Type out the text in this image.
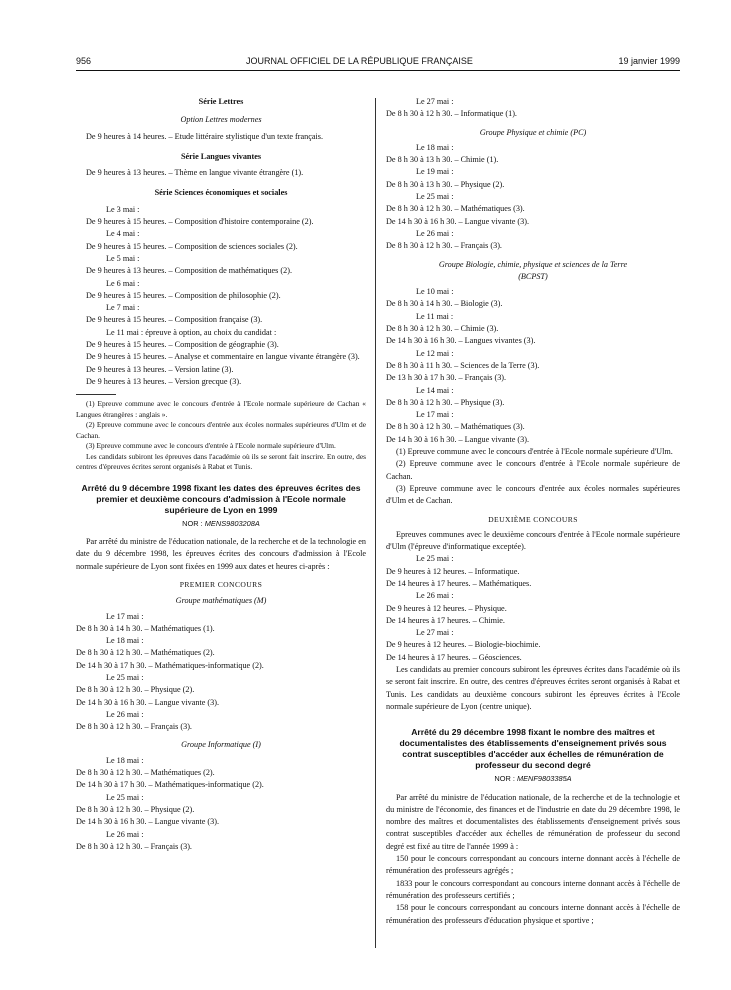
956	JOURNAL OFFICIEL DE LA RÉPUBLIQUE FRANÇAISE	19 janvier 1999

Série Lettres

Option Lettres modernes

De 9 heures à 14 heures. – Etude littéraire stylistique d'un texte français.

Série Langues vivantes

De 9 heures à 13 heures. – Thème en langue vivante étrangère (1).

Série Sciences économiques et sociales

Le 3 mai :

De 9 heures à 15 heures. – Composition d'histoire contemporaine (2).

Le 4 mai :

De 9 heures à 15 heures. – Composition de sciences sociales (2).

Le 5 mai :

De 9 heures à 13 heures. – Composition de mathématiques (2).

Le 6 mai :

De 9 heures à 15 heures. – Composition de philosophie (2).

Le 7 mai :

De 9 heures à 15 heures. – Composition française (3).

Le 11 mai : épreuve à option, au choix du candidat :

De 9 heures à 15 heures. – Composition de géographie (3).

De 9 heures à 15 heures. – Analyse et commentaire en langue vivante étrangère (3).

De 9 heures à 13 heures. – Version latine (3).

De 9 heures à 13 heures. – Version grecque (3).

(1) Epreuve commune avec le concours d'entrée à l'Ecole normale supérieure de Cachan « Langues étrangères : anglais ».

(2) Epreuve commune avec le concours d'entrée aux écoles normales supérieures d'Ulm et de Cachan.

(3) Epreuve commune avec le concours d'entrée à l'Ecole normale supérieure d'Ulm.

Les candidats subiront les épreuves dans l'académie où ils se seront fait inscrire. En outre, des centres d'épreuves écrites seront organisés à Rabat et Tunis.

Arrêté du 9 décembre 1998 fixant les dates des épreuves écrites des premier et deuxième concours d'admission à l'Ecole normale supérieure de Lyon en 1999

NOR : MENS9803208A

Par arrêté du ministre de l'éducation nationale, de la recherche et de la technologie en date du 9 décembre 1998, les épreuves écrites des concours d'admission à l'Ecole normale supérieure de Lyon sont fixées en 1999 aux dates et heures ci-après :

PREMIER CONCOURS

Groupe mathématiques (M)

Le 17 mai :

De 8 h 30 à 14 h 30. – Mathématiques (1).

Le 18 mai :

De 8 h 30 à 12 h 30. – Mathématiques (2).

De 14 h 30 à 17 h 30. – Mathématiques-informatique (2).

Le 25 mai :

De 8 h 30 à 12 h 30. – Physique (2).

De 14 h 30 à 16 h 30. – Langue vivante (3).

Le 26 mai :

De 8 h 30 à 12 h 30. – Français (3).

Groupe Informatique (I)

Le 18 mai :

De 8 h 30 à 12 h 30. – Mathématiques (2).

De 14 h 30 à 17 h 30. – Mathématiques-informatique (2).

Le 25 mai :

De 8 h 30 à 12 h 30. – Physique (2).

De 14 h 30 à 16 h 30. – Langue vivante (3).

Le 26 mai :

De 8 h 30 à 12 h 30. – Français (3).

Le 27 mai :

De 8 h 30 à 12 h 30. – Informatique (1).

Groupe Physique et chimie (PC)

Le 18 mai :

De 8 h 30 à 13 h 30. – Chimie (1).

Le 19 mai :

De 8 h 30 à 13 h 30. – Physique (2).

Le 25 mai :

De 8 h 30 à 12 h 30. – Mathématiques (3).

De 14 h 30 à 16 h 30. – Langue vivante (3).

Le 26 mai :

De 8 h 30 à 12 h 30. – Français (3).

Groupe Biologie, chimie, physique et sciences de la Terre (BCPST)

Le 10 mai :

De 8 h 30 à 14 h 30. – Biologie (3).

Le 11 mai :

De 8 h 30 à 12 h 30. – Chimie (3).

De 14 h 30 à 16 h 30. – Langues vivantes (3).

Le 12 mai :

De 8 h 30 à 11 h 30. – Sciences de la Terre (3).

De 13 h 30 à 17 h 30. – Français (3).

Le 14 mai :

De 8 h 30 à 12 h 30. – Physique (3).

Le 17 mai :

De 8 h 30 à 12 h 30. – Mathématiques (3).

De 14 h 30 à 16 h 30. – Langue vivante (3).

(1) Epreuve commune avec le concours d'entrée à l'Ecole normale supérieure d'Ulm.

(2) Epreuve commune avec le concours d'entrée à l'Ecole normale supérieure de Cachan.

(3) Epreuve commune avec le concours d'entrée aux écoles normales supérieures d'Ulm et de Cachan.

DEUXIÈME CONCOURS

Epreuves communes avec le deuxième concours d'entrée à l'Ecole normale supérieure d'Ulm (l'épreuve d'informatique exceptée).

Le 25 mai :

De 9 heures à 12 heures. – Informatique.

De 14 heures à 17 heures. – Mathématiques.

Le 26 mai :

De 9 heures à 12 heures. – Physique.

De 14 heures à 17 heures. – Chimie.

Le 27 mai :

De 9 heures à 12 heures. – Biologie-biochimie.

De 14 heures à 17 heures. – Géosciences.

Les candidats au premier concours subiront les épreuves écrites dans l'académie où ils se seront fait inscrire. En outre, des centres d'épreuves écrites seront organisés à Rabat et Tunis. Les candidats au deuxième concours subiront les épreuves écrites à l'Ecole normale supérieure de Lyon (centre unique).

Arrêté du 29 décembre 1998 fixant le nombre des maîtres et documentalistes des établissements d'enseignement privés sous contrat susceptibles d'accéder aux échelles de rémunération de professeur du second degré

NOR : MENF9803385A

Par arrêté du ministre de l'éducation nationale, de la recherche et de la technologie et du ministre de l'économie, des finances et de l'industrie en date du 29 décembre 1998, le nombre des maîtres et documentalistes des établissements d'enseignement privés sous contrat susceptibles d'accéder aux échelles de rémunération de professeur du second degré est fixé au titre de l'année 1999 à :

150 pour le concours correspondant au concours interne donnant accès à l'échelle de rémunération des professeurs agrégés ;

1833 pour le concours correspondant au concours interne donnant accès à l'échelle de rémunération des professeurs certifiés ;

158 pour le concours correspondant au concours interne donnant accès à l'échelle de rémunération des professeurs d'éducation physique et sportive ;
